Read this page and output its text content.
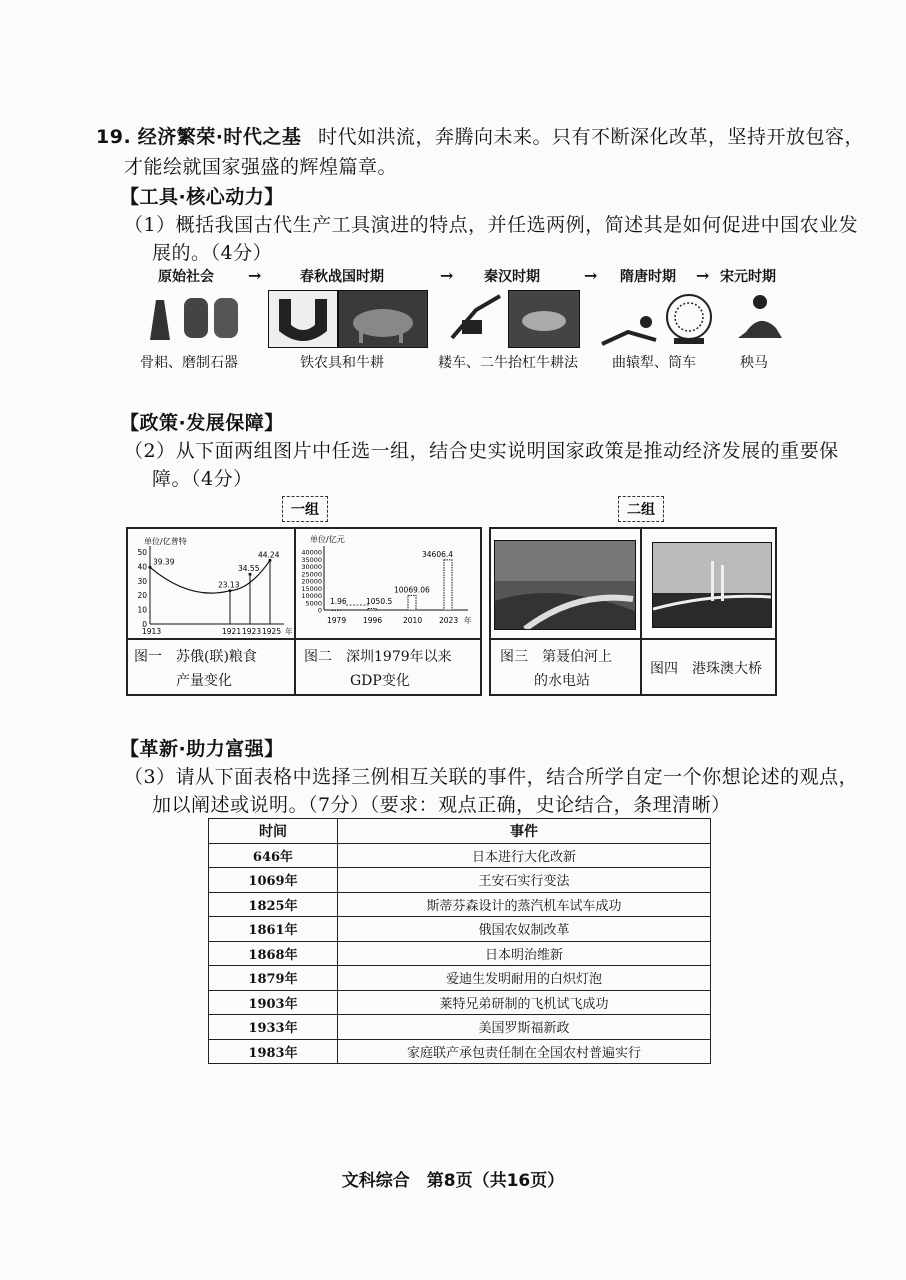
19. 经济繁荣·时代之基 时代如洪流，奔腾向未来。只有不断深化改革，坚持开放包容，
才能绘就国家强盛的辉煌篇章。
【工具·核心动力】
（1）概括我国古代生产工具演进的特点，并任选两例，简述其是如何促进中国农业发
展的。（4分）
原始社会 →	春秋战国时期	→ 秦汉时期	→ 隋唐时期 → 宋元时期
骨耜、磨制石器	铁农具和牛耕	耧车、二牛抬杠牛耕法 曲辕犁、筒车	秧马
【政策·发展保障】
（2）从下面两组图片中任选一组，结合史实说明国家政策是推动经济发展的重要保
障。（4分）
一组	二组
单位/亿普特
0
10
20
30
40
50
39.39
1913
23.13
1921
34.55
1923
44.24
1925 年
单位/亿元
0
5000
10000
15000
20000
25000
30000
35000
40000
1.96
1979
1050.5
1996
10069.06
2010
34606.4
2023 年
图一　苏俄(联)粮食
产量变化
图二　深圳1979年以来
GDP变化
图三　第聂伯河上
的水电站
图四　港珠澳大桥
【革新·助力富强】
（3）请从下面表格中选择三例相互关联的事件，结合所学自定一个你想论述的观点，
加以阐述或说明。（7分）（要求：观点正确，史论结合，条理清晰）
时间	事件
646年	日本进行大化改新
1069年	王安石实行变法
1825年	斯蒂芬森设计的蒸汽机车试车成功
1861年	俄国农奴制改革
1868年	日本明治维新
1879年	爱迪生发明耐用的白炽灯泡
1903年	莱特兄弟研制的飞机试飞成功
1933年	美国罗斯福新政
1983年	家庭联产承包责任制在全国农村普遍实行
文科综合　第8页（共16页）
